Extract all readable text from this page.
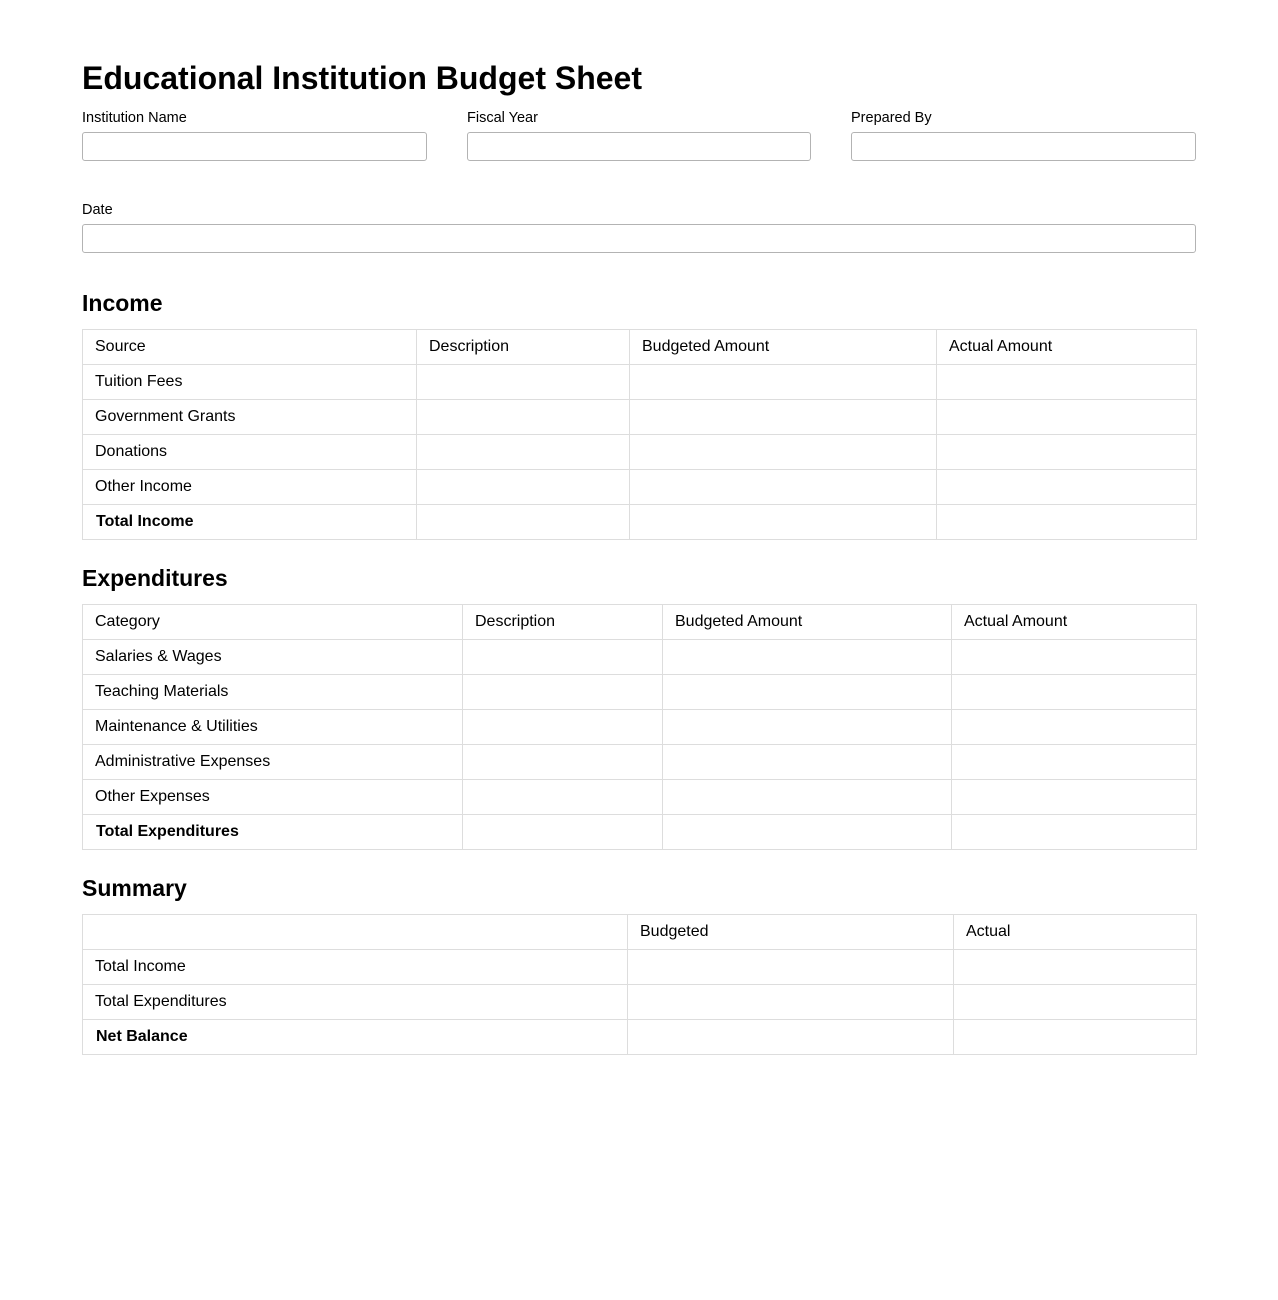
Educational Institution Budget Sheet
Institution Name	Fiscal Year	Prepared By
Date
Income
Source	Description	Budgeted Amount	Actual Amount
Tuition Fees			
Government Grants			
Donations			
Other Income			
Total Income			
Expenditures
Category	Description	Budgeted Amount	Actual Amount
Salaries & Wages			
Teaching Materials			
Maintenance & Utilities			
Administrative Expenses			
Other Expenses			
Total Expenditures			
Summary
	Budgeted	Actual
Total Income		
Total Expenditures		
Net Balance		
